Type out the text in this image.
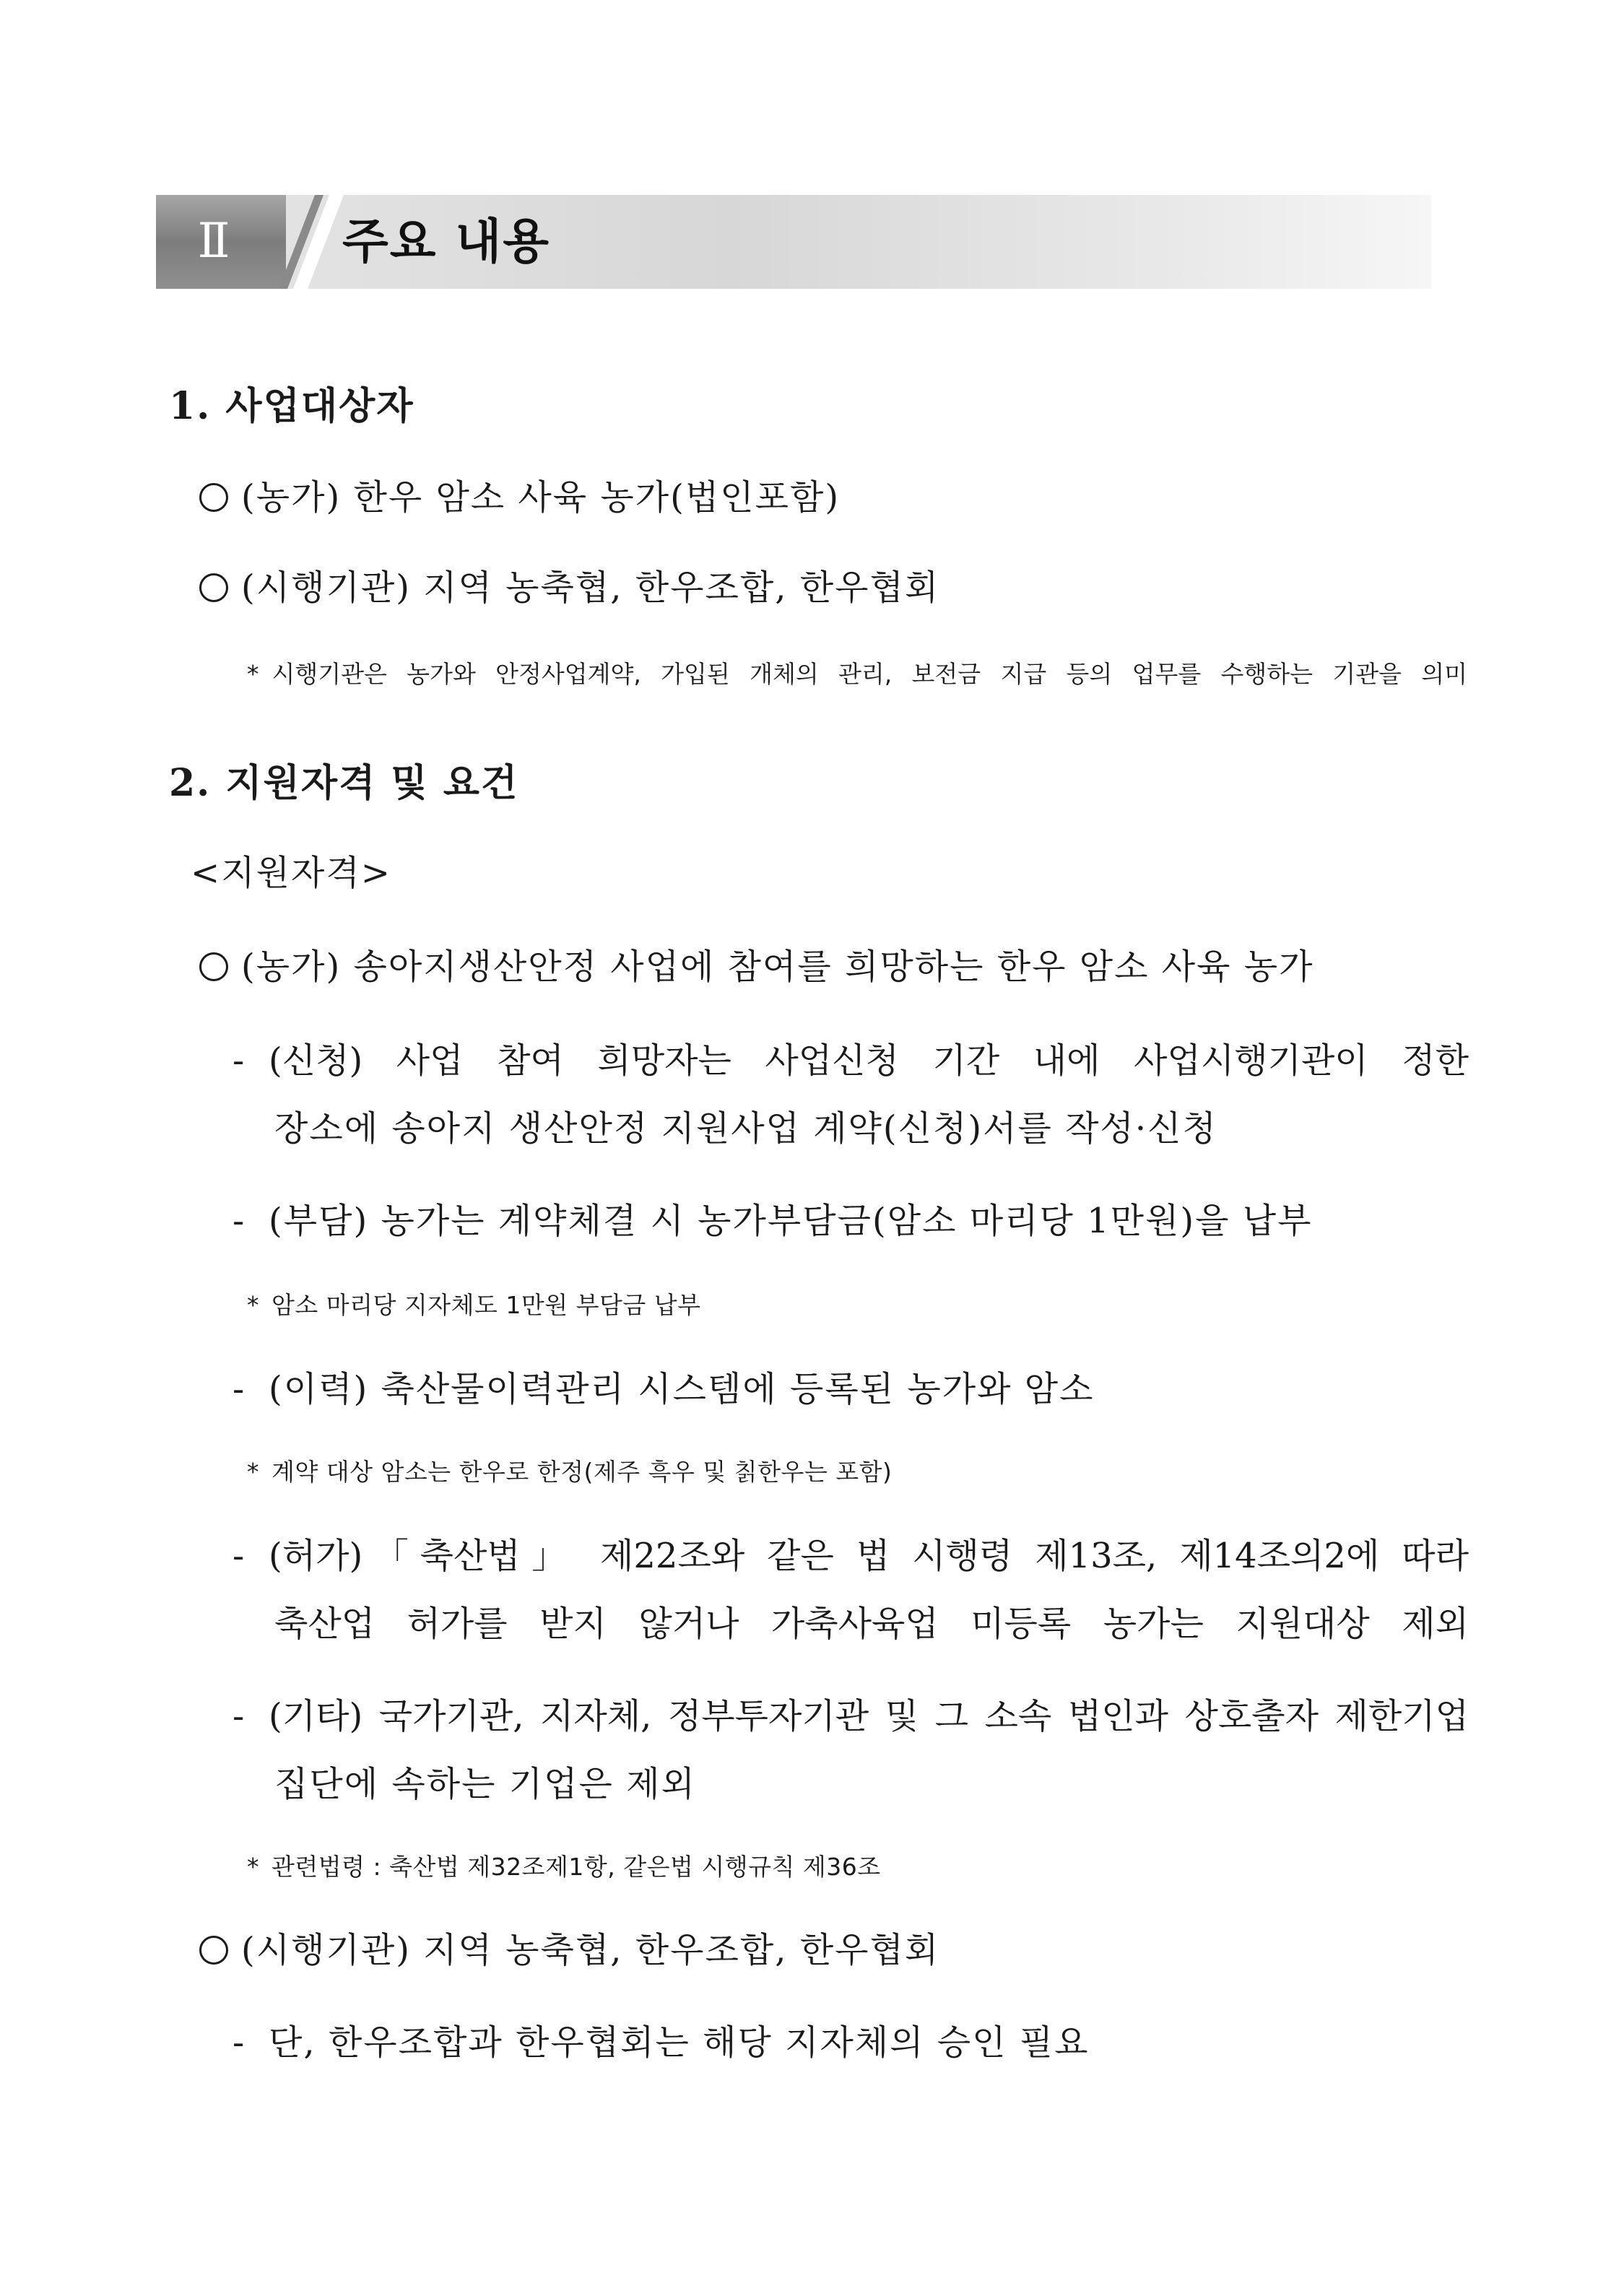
Ⅱ	주요 내용
1. 사업대상자
(농가) 한우 암소 사육 농가(법인포함)
(시행기관) 지역 농축협, 한우조합, 한우협회
* 시행기관은 농가와 안정사업계약, 가입된 개체의 관리, 보전금 지급 등의 업무를 수행하는 기관을 의미
2. 지원자격 및 요건
<지원자격>
(농가) 송아지생산안정 사업에 참여를 희망하는 한우 암소 사육 농가
- (신청) 사업 참여 희망자는 사업신청 기간 내에 사업시행기관이 정한
장소에 송아지 생산안정 지원사업 계약(신청)서를 작성·신청
- (부담) 농가는 계약체결 시 농가부담금(암소 마리당 1만원)을 납부
* 암소 마리당 지자체도 1만원 부담금 납부
- (이력) 축산물이력관리 시스템에 등록된 농가와 암소
* 계약 대상 암소는 한우로 한정(제주 흑우 및 칡한우는 포함)
- (허가)「축산법」 제22조와 같은 법 시행령 제13조, 제14조의2에 따라
축산업 허가를 받지 않거나 가축사육업 미등록 농가는 지원대상 제외
- (기타) 국가기관, 지자체, 정부투자기관 및 그 소속 법인과 상호출자 제한기업
집단에 속하는 기업은 제외
* 관련법령 : 축산법 제32조제1항, 같은법 시행규칙 제36조
(시행기관) 지역 농축협, 한우조합, 한우협회
- 단, 한우조합과 한우협회는 해당 지자체의 승인 필요
